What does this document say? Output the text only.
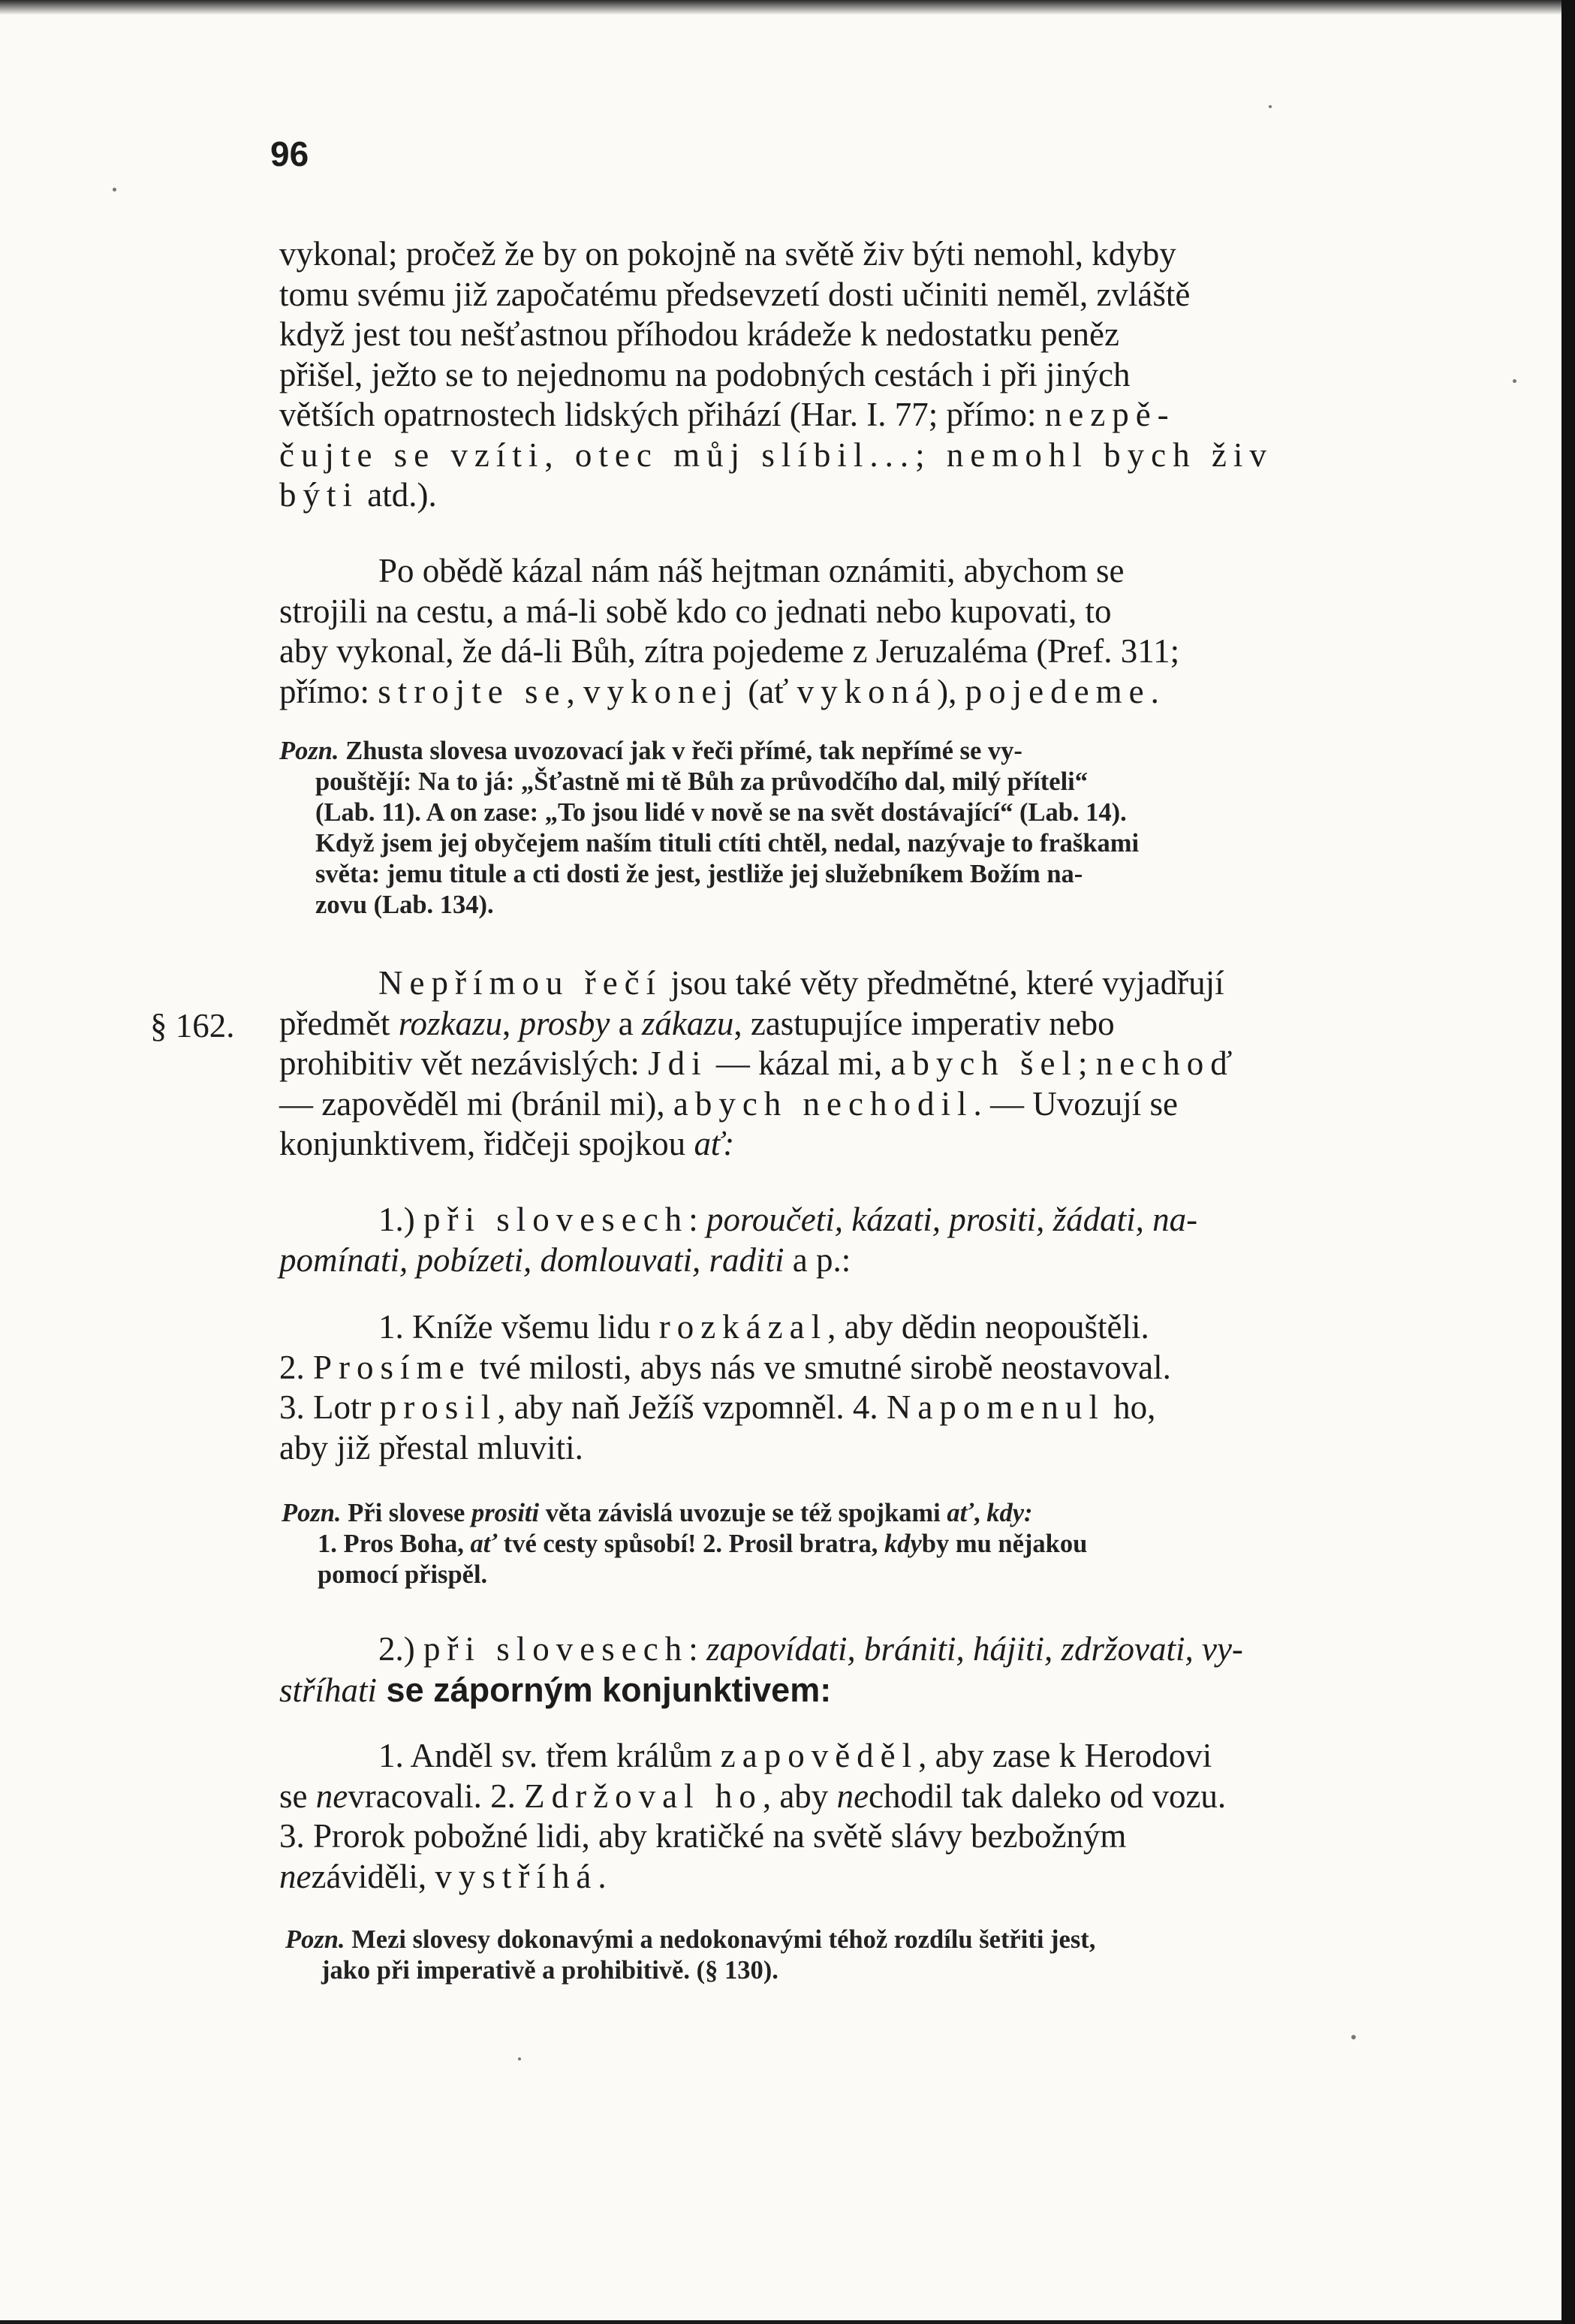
96
§ 162.

vykonal; pročež že by on pokojně na světě živ býti nemohl, kdyby

tomu svému již započatému předsevzetí dosti učiniti neměl, zvláště

když jest tou nešťastnou příhodou krádeže k nedostatku peněz

přišel, ježto se to nejednomu na podobných cestách i při jiných

větších opatrnostech lidských přihází (Har. I. 77; přímo: nezpě-

čujte se vzíti, otec můj slíbil...; nemohl bych živ

býti atd.).

Po obědě kázal nám náš hejtman oznámiti, abychom se

strojili na cestu, a má-li sobě kdo co jednati nebo kupovati, to

aby vykonal, že dá-li Bůh, zítra pojedeme z Jeruzaléma (Pref. 311;

přímo: strojte se, vykonej (ať vykoná), pojedeme.

Pozn. Zhusta slovesa uvozovací jak v řeči přímé, tak nepřímé se vy-

pouštějí: Na to já: „Šťastně mi tě Bůh za průvodčího dal, milý příteli“

(Lab. 11). A on zase: „To jsou lidé v nově se na svět dostávající“ (Lab. 14).

Když jsem jej obyčejem naším tituli ctíti chtěl, nedal, nazývaje to fraškami

světa: jemu titule a cti dosti že jest, jestliže jej služebníkem Božím na-

zovu (Lab. 134).

Nepřímou řečí jsou také věty předmětné, které vyjadřují

předmět rozkazu, prosby a zákazu, zastupujíce imperativ nebo

prohibitiv vět nezávislých: Jdi — kázal mi, abych šel; nechoď

— zapověděl mi (bránil mi), abych nechodil. — Uvozují se

konjunktivem, řidčeji spojkou ať:

1.) při slovesech: poroučeti, kázati, prositi, žádati, na-

pomínati, pobízeti, domlouvati, raditi a p.:

1. Kníže všemu lidu rozkázal, aby dědin neopouštěli.

2. Prosíme tvé milosti, abys nás ve smutné sirobě neostavoval.

3. Lotr prosil, aby naň Ježíš vzpomněl. 4. Napomenul ho,

aby již přestal mluviti.

Pozn. Při slovese prositi věta závislá uvozuje se též spojkami ať, kdy:

1. Pros Boha, ať tvé cesty spůsobí! 2. Prosil bratra, kdyby mu nějakou

pomocí přispěl.

2.) při slovesech: zapovídati, brániti, hájiti, zdržovati, vy-

stříhati se záporným konjunktivem:

1. Anděl sv. třem králům zapověděl, aby zase k Herodovi

se nevracovali. 2. Zdržoval ho, aby nechodil tak daleko od vozu.

3. Prorok pobožné lidi, aby kratičké na světě slávy bezbožným

nezáviděli, vystříhá.

Pozn. Mezi slovesy dokonavými a nedokonavými téhož rozdílu šetřiti jest,

jako při imperativě a prohibitivě. (§ 130).
